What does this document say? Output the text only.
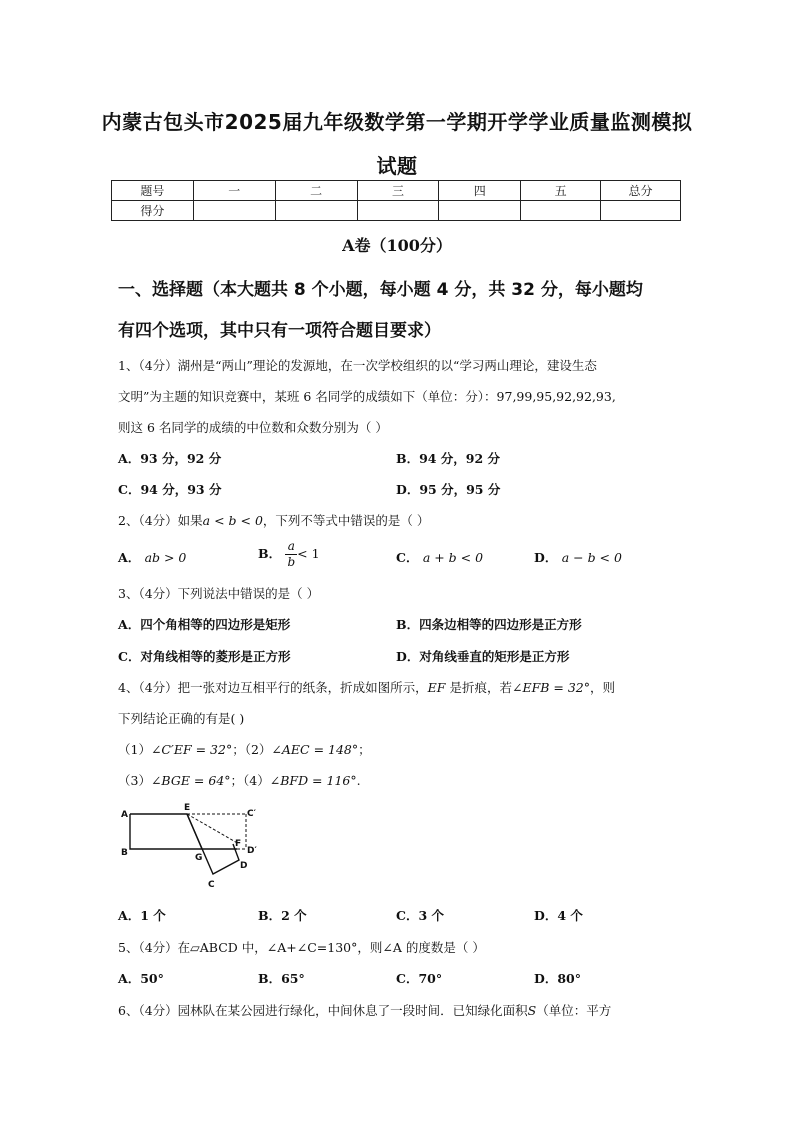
内蒙古包头市2025届九年级数学第一学期开学学业质量监测模拟
试题
题号	一	二	三	四	五	总分
得分						
A卷（100分）
一、选择题（本大题共 8 个小题，每小题 4 分，共 32 分，每小题均
有四个选项，其中只有一项符合题目要求）
1、（4分）湖州是“两山”理论的发源地，在一次学校组织的以“学习两山理论，建设生态
文明”为主题的知识竞赛中，某班 6 名同学的成绩如下（单位：分）：97,99,95,92,92,93,
则这 6 名同学的成绩的中位数和众数分别为（ ）
A．93 分，92 分	B．94 分，92 分
C．94 分，93 分	D．95 分，95 分
2、（4分）如果a < b < 0，下列不等式中错误的是（ ）
A． ab > 0	B． $\frac{a}{b} < 1$	C． a + b < 0	D． a − b < 0
3、（4分）下列说法中错误的是（ ）
A．四个角相等的四边形是矩形	B．四条边相等的四边形是正方形
C．对角线相等的菱形是正方形	D．对角线垂直的矩形是正方形
4、（4分）把一张对边互相平行的纸条，折成如图所示，EF 是折痕，若∠EFB = 32°，则
下列结论正确的有是( )
（1）∠C′EF = 32°；（2）∠AEC = 148°；
（3）∠BGE = 64°；（4）∠BFD = 116°.
A
B
E
C′
F
D′
G
D
C
A．1 个	B．2 个	C．3 个	D．4 个
5、（4分）在▱ABCD 中，∠A+∠C=130°，则∠A 的度数是（ ）
A．50°	B．65°	C．70°	D．80°
6、（4分）园林队在某公园进行绿化，中间休息了一段时间．已知绿化面积S（单位：平方
